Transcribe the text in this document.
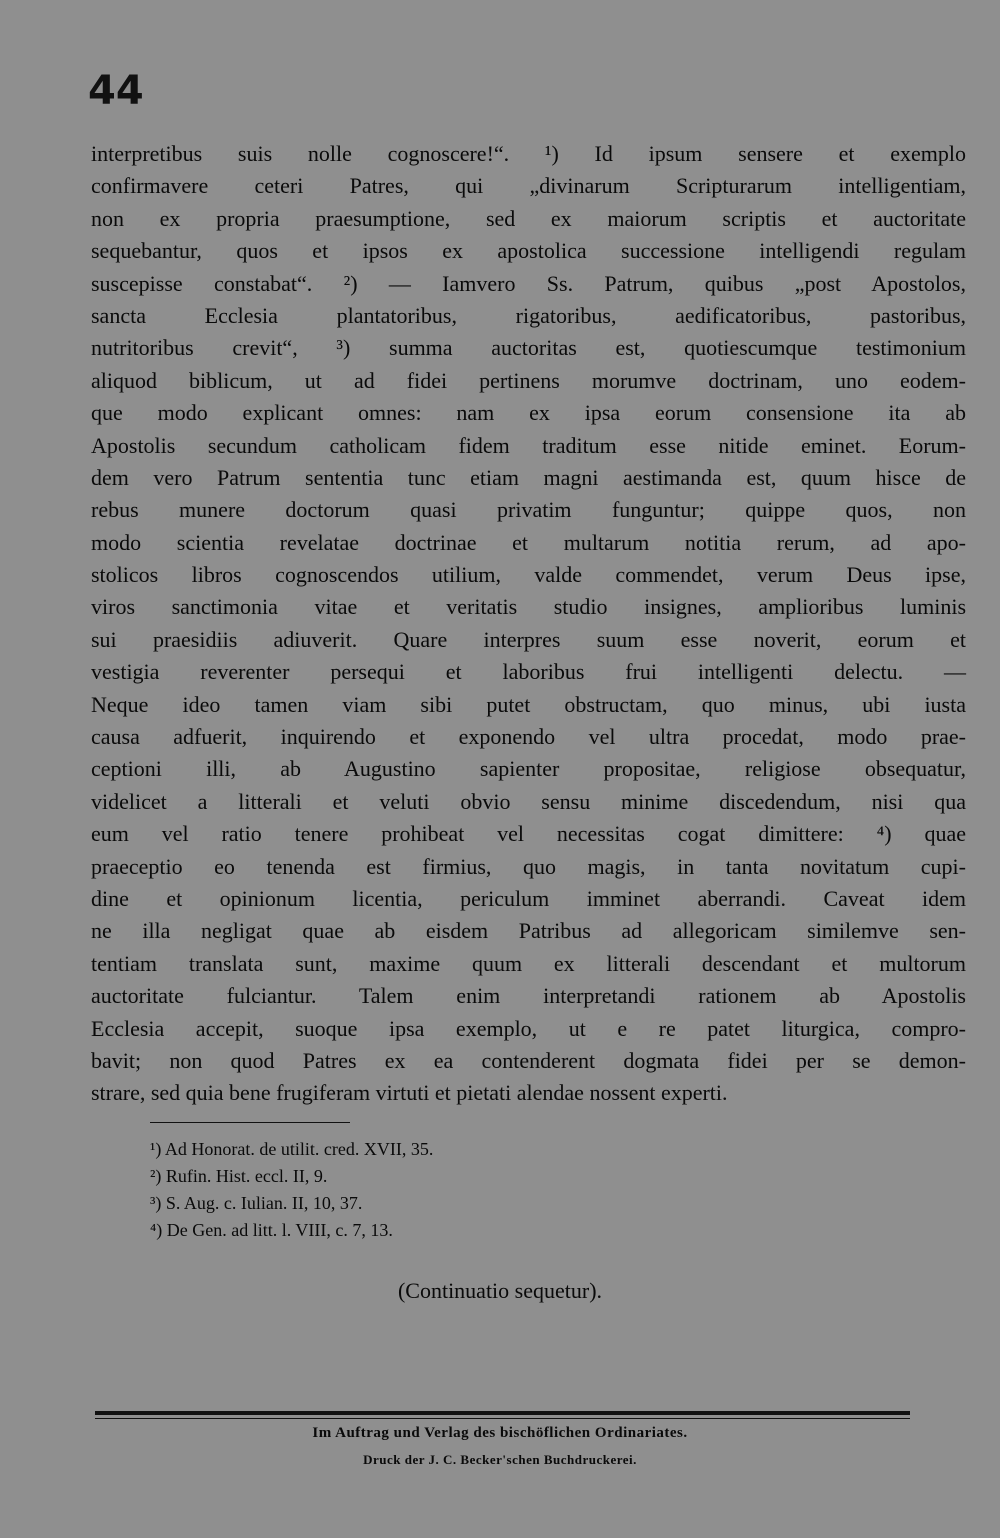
44
interpretibus suis nolle cognoscere!“. ¹) Id ipsum sensere et exemplo
confirmavere ceteri Patres, qui „divinarum Scripturarum intelligentiam,
non ex propria praesumptione, sed ex maiorum scriptis et auctoritate
sequebantur, quos et ipsos ex apostolica successione intelligendi regulam
suscepisse constabat“. ²) — Iamvero Ss. Patrum, quibus „post Apostolos,
sancta Ecclesia plantatoribus, rigatoribus, aedificatoribus, pastoribus,
nutritoribus crevit“, ³) summa auctoritas est, quotiescumque testimonium
aliquod biblicum, ut ad fidei pertinens morumve doctrinam, uno eodem-
que modo explicant omnes: nam ex ipsa eorum consensione ita ab
Apostolis secundum catholicam fidem traditum esse nitide eminet. Eorum-
dem vero Patrum sententia tunc etiam magni aestimanda est, quum hisce de
rebus munere doctorum quasi privatim funguntur; quippe quos, non
modo scientia revelatae doctrinae et multarum notitia rerum, ad apo-
stolicos libros cognoscendos utilium, valde commendet, verum Deus ipse,
viros sanctimonia vitae et veritatis studio insignes, amplioribus luminis
sui praesidiis adiuverit. Quare interpres suum esse noverit, eorum et
vestigia reverenter persequi et laboribus frui intelligenti delectu. —
Neque ideo tamen viam sibi putet obstructam, quo minus, ubi iusta
causa adfuerit, inquirendo et exponendo vel ultra procedat, modo prae-
ceptioni illi, ab Augustino sapienter propositae, religiose obsequatur,
videlicet a litterali et veluti obvio sensu minime discedendum, nisi qua
eum vel ratio tenere prohibeat vel necessitas cogat dimittere: ⁴) quae
praeceptio eo tenenda est firmius, quo magis, in tanta novitatum cupi-
dine et opinionum licentia, periculum imminet aberrandi. Caveat idem
ne illa negligat quae ab eisdem Patribus ad allegoricam similemve sen-
tentiam translata sunt, maxime quum ex litterali descendant et multorum
auctoritate fulciantur. Talem enim interpretandi rationem ab Apostolis
Ecclesia accepit, suoque ipsa exemplo, ut e re patet liturgica, compro-
bavit; non quod Patres ex ea contenderent dogmata fidei per se demon-
strare, sed quia bene frugiferam virtuti et pietati alendae nossent experti.
¹) Ad Honorat. de utilit. cred. XVII, 35.
²) Rufin. Hist. eccl. II, 9.
³) S. Aug. c. Iulian. II, 10, 37.
⁴) De Gen. ad litt. l. VIII, c. 7, 13.
(Continuatio sequetur).
Im Auftrag und Verlag des bischöflichen Ordinariates.
Druck der J. C. Becker'schen Buchdruckerei.
